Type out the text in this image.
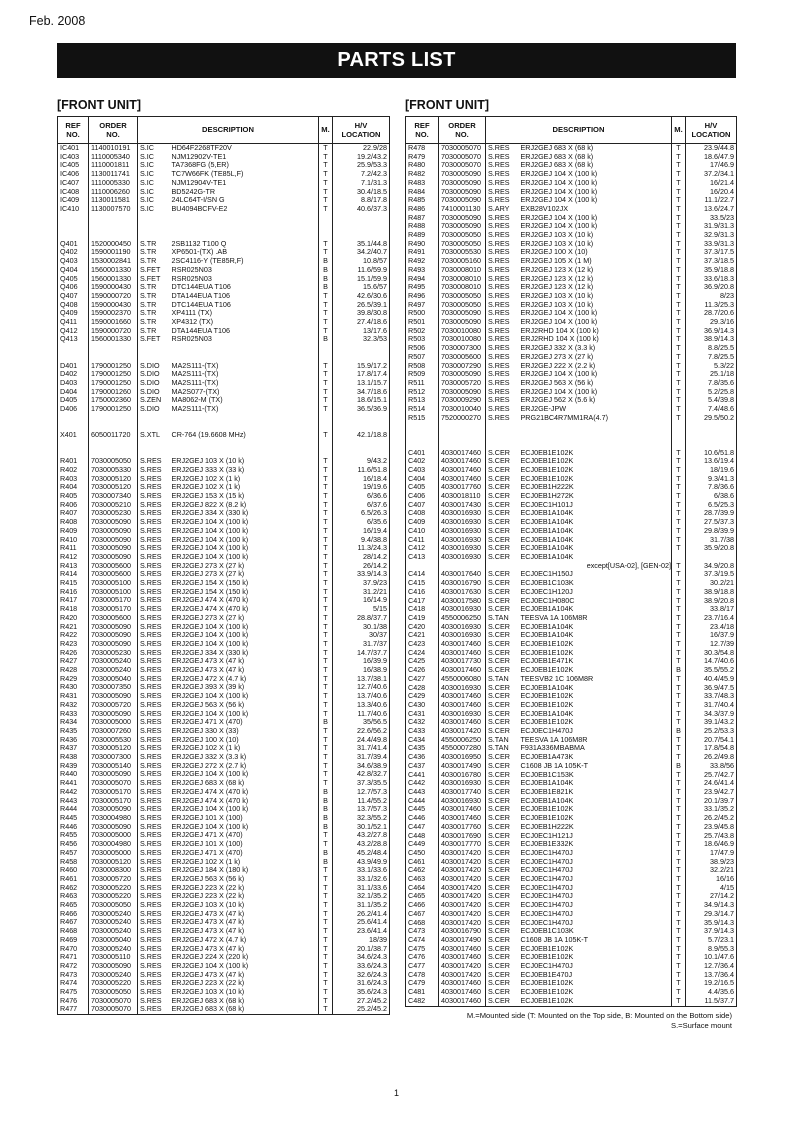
Feb. 2008
PARTS LIST
[FRONT UNIT]	[FRONT UNIT]
REF
NO.	ORDER
NO.	DESCRIPTION		M.	H/V
LOCATION
IC401	1140010191	S.IC	HD64F2268TF20V	T	22.9/28
IC403	1110005340	S.IC	NJM12902V-TE1	T	19.2/43.2
IC405	1110001811	S.IC	TA7368FG (5,ER)	T	25.9/53.3
IC406	1130011741	S.IC	TC7W66FK (TE85L,F)	T	7.2/42.3
IC407	1110005330	S.IC	NJM12904V-TE1	T	7.1/31.3
IC408	1110006260	S.IC	BD5242G-TR	T	30.4/18.5
IC409	1130011581	S.IC	24LC64T-I/SN G	T	8.8/17.8
IC410	1130007570	S.IC	BU4094BCFV-E2	T	40.6/37.3

Q401	1520000450	S.TR	2SB1132 T100 Q	T	35.1/44.8
Q402	1590001190	S.TR	XP6501-(TX) .AB	T	34.2/40.7
Q403	1530002841	S.TR	2SC4116-Y (TE85R,F)	B	10.8/57
Q404	1560001330	S.FET	RSR025N03	B	11.6/59.9
Q405	1560001330	S.FET	RSR025N03	B	15.1/59.9
Q406	1590000430	S.TR	DTC144EUA T106	B	15.6/57
Q407	1590000720	S.TR	DTA144EUA T106	T	42.6/30.6
Q408	1590000430	S.TR	DTC144EUA T106	T	26.5/39.1
Q409	1590002370	S.TR	XP4111 (TX)	T	39.8/30.8
Q411	1590001660	S.TR	XP4312 (TX)	T	27.4/18.6
Q412	1590000720	S.TR	DTA144EUA T106	T	13/17.6
Q413	1560001330	S.FET	RSR025N03	B	32.3/53

D401	1790001250	S.DIO	MA2S111-(TX)	T	15.9/17.2
D402	1790001250	S.DIO	MA2S111-(TX)	T	17.8/17.4
D403	1790001250	S.DIO	MA2S111-(TX)	T	13.1/15.7
D404	1790001260	S.DIO	MA2S077-(TX)	T	34.7/18.6
D405	1750002360	S.ZEN	MA8062-M (TX)	T	18.6/15.1
D406	1790001250	S.DIO	MA2S111-(TX)	T	36.5/36.9

X401	6050011720	S.XTL	CR-764 (19.6608 MHz)	T	42.1/18.8

R401	7030005050	S.RES	ERJ2GEJ 103 X (10 k)	T	9/43.2
R402	7030005330	S.RES	ERJ2GEJ 333 X (33 k)	T	11.6/51.8
R403	7030005120	S.RES	ERJ2GEJ 102 X (1 k)	T	16/18.4
R404	7030005120	S.RES	ERJ2GEJ 102 X (1 k)	T	19/19.6
R405	7030007340	S.RES	ERJ2GEJ 153 X (15 k)	T	6/36.6
R406	7030005210	S.RES	ERJ2GEJ 822 X (8.2 k)	T	6/37.6
R407	7030005230	S.RES	ERJ2GEJ 334 X (330 k)	T	6.5/26.3
R408	7030005090	S.RES	ERJ2GEJ 104 X (100 k)	T	6/35.6
R409	7030005090	S.RES	ERJ2GEJ 104 X (100 k)	T	16/19.4
R410	7030005090	S.RES	ERJ2GEJ 104 X (100 k)	T	9.4/38.8
R411	7030005090	S.RES	ERJ2GEJ 104 X (100 k)	T	11.3/24.3
R412	7030005090	S.RES	ERJ2GEJ 104 X (100 k)	T	28/14.2
R413	7030005600	S.RES	ERJ2GEJ 273 X (27 k)	T	26/14.2
R414	7030005600	S.RES	ERJ2GEJ 273 X (27 k)	T	33.9/14.3
R415	7030005100	S.RES	ERJ2GEJ 154 X (150 k)	T	37.9/23
R416	7030005100	S.RES	ERJ2GEJ 154 X (150 k)	T	31.2/21
R417	7030005170	S.RES	ERJ2GEJ 474 X (470 k)	T	16/14.9
R418	7030005170	S.RES	ERJ2GEJ 474 X (470 k)	T	5/15
R420	7030005600	S.RES	ERJ2GEJ 273 X (27 k)	T	28.8/37.7
R421	7030005090	S.RES	ERJ2GEJ 104 X (100 k)	T	30.1/38
R422	7030005090	S.RES	ERJ2GEJ 104 X (100 k)	T	30/37
R423	7030005090	S.RES	ERJ2GEJ 104 X (100 k)	T	31.7/37
R426	7030005230	S.RES	ERJ2GEJ 334 X (330 k)	T	14.7/37.7
R427	7030005240	S.RES	ERJ2GEJ 473 X (47 k)	T	16/39.9
R428	7030005240	S.RES	ERJ2GEJ 473 X (47 k)	T	16/38.9
R429	7030005040	S.RES	ERJ2GEJ 472 X (4.7 k)	T	13.7/38.1
R430	7030007350	S.RES	ERJ2GEJ 393 X (39 k)	T	12.7/40.6
R431	7030005090	S.RES	ERJ2GEJ 104 X (100 k)	T	13.7/40.6
R432	7030005720	S.RES	ERJ2GEJ 563 X (56 k)	T	13.3/40.6
R433	7030005090	S.RES	ERJ2GEJ 104 X (100 k)	T	11.7/40.6
R434	7030005000	S.RES	ERJ2GEJ 471 X (470)	B	35/56.5
R435	7030007260	S.RES	ERJ2GEJ 330 X (33)	T	22.6/56.2
R436	7030005530	S.RES	ERJ2GEJ 100 X (10)	T	24.4/49.8
R437	7030005120	S.RES	ERJ2GEJ 102 X (1 k)	T	31.7/41.4
R438	7030007300	S.RES	ERJ2GEJ 332 X (3.3 k)	T	31.7/39.4
R439	7030005140	S.RES	ERJ2GEJ 272 X (2.7 k)	T	34.6/38.9
R440	7030005090	S.RES	ERJ2GEJ 104 X (100 k)	T	42.8/32.7
R441	7030005070	S.RES	ERJ2GEJ 683 X (68 k)	T	37.3/35.5
R442	7030005170	S.RES	ERJ2GEJ 474 X (470 k)	B	12.7/57.3
R443	7030005170	S.RES	ERJ2GEJ 474 X (470 k)	B	11.4/55.2
R444	7030005090	S.RES	ERJ2GEJ 104 X (100 k)	B	13.7/57.3
R445	7030004980	S.RES	ERJ2GEJ 101 X (100)	B	32.3/55.2
R446	7030005090	S.RES	ERJ2GEJ 104 X (100 k)	B	30.1/52.1
R455	7030005000	S.RES	ERJ2GEJ 471 X (470)	T	43.2/27.8
R456	7030004980	S.RES	ERJ2GEJ 101 X (100)	T	43.2/28.8
R457	7030005000	S.RES	ERJ2GEJ 471 X (470)	B	45.2/48.4
R458	7030005120	S.RES	ERJ2GEJ 102 X (1 k)	B	43.9/49.9
R460	7030008300	S.RES	ERJ2GEJ 184 X (180 k)	T	33.1/33.6
R461	7030005720	S.RES	ERJ2GEJ 563 X (56 k)	T	33.1/32.6
R462	7030005220	S.RES	ERJ2GEJ 223 X (22 k)	T	31.1/33.6
R463	7030005220	S.RES	ERJ2GEJ 223 X (22 k)	T	32.1/35.2
R465	7030005050	S.RES	ERJ2GEJ 103 X (10 k)	T	31.1/35.2
R466	7030005240	S.RES	ERJ2GEJ 473 X (47 k)	T	26.2/41.4
R467	7030005240	S.RES	ERJ2GEJ 473 X (47 k)	T	25.6/41.4
R468	7030005240	S.RES	ERJ2GEJ 473 X (47 k)	T	23.6/41.4
R469	7030005040	S.RES	ERJ2GEJ 472 X (4.7 k)	T	18/39
R470	7030005240	S.RES	ERJ2GEJ 473 X (47 k)	T	20.1/38.7
R471	7030005110	S.RES	ERJ2GEJ 224 X (220 k)	T	34.6/24.3
R472	7030005090	S.RES	ERJ2GEJ 104 X (100 k)	T	33.6/24.3
R473	7030005240	S.RES	ERJ2GEJ 473 X (47 k)	T	32.6/24.3
R474	7030005220	S.RES	ERJ2GEJ 223 X (22 k)	T	31.6/24.3
R475	7030005050	S.RES	ERJ2GEJ 103 X (10 k)	T	35.6/24.3
R476	7030005070	S.RES	ERJ2GEJ 683 X (68 k)	T	27.2/45.2
R477	7030005070	S.RES	ERJ2GEJ 683 X (68 k)	T	25.2/45.2
REF
NO.	ORDER
NO.	DESCRIPTION		M.	H/V
LOCATION
R478	7030005070	S.RES	ERJ2GEJ 683 X (68 k)	T	23.9/44.8
R479	7030005070	S.RES	ERJ2GEJ 683 X (68 k)	T	18.6/47.9
R480	7030005070	S.RES	ERJ2GEJ 683 X (68 k)	T	17/46.9
R482	7030005090	S.RES	ERJ2GEJ 104 X (100 k)	T	37.2/34.1
R483	7030005090	S.RES	ERJ2GEJ 104 X (100 k)	T	16/21.4
R484	7030005090	S.RES	ERJ2GEJ 104 X (100 k)	T	16/20.4
R485	7030005090	S.RES	ERJ2GEJ 104 X (100 k)	T	11.1/22.7
R486	7410001130	S.ARY	EXB28V102JX	T	13.6/24.7
R487	7030005090	S.RES	ERJ2GEJ 104 X (100 k)	T	33.5/23
R488	7030005090	S.RES	ERJ2GEJ 104 X (100 k)	T	31.9/31.3
R489	7030005050	S.RES	ERJ2GEJ 103 X (10 k)	T	32.9/31.3
R490	7030005050	S.RES	ERJ2GEJ 103 X (10 k)	T	33.9/31.3
R491	7030005530	S.RES	ERJ2GEJ 100 X (10)	T	37.3/17.5
R492	7030005160	S.RES	ERJ2GEJ 105 X (1 M)	T	37.3/18.5
R493	7030008010	S.RES	ERJ2GEJ 123 X (12 k)	T	35.9/18.8
R494	7030008010	S.RES	ERJ2GEJ 123 X (12 k)	T	33.6/18.3
R495	7030008010	S.RES	ERJ2GEJ 123 X (12 k)	T	36.9/20.8
R496	7030005050	S.RES	ERJ2GEJ 103 X (10 k)	T	8/23
R497	7030005050	S.RES	ERJ2GEJ 103 X (10 k)	T	11.3/25.3
R500	7030005090	S.RES	ERJ2GEJ 104 X (100 k)	T	28.7/20.6
R501	7030005090	S.RES	ERJ2GEJ 104 X (100 k)	T	29.3/16
R502	7030010080	S.RES	ERJ2RHD 104 X (100 k)	T	36.9/14.3
R503	7030010080	S.RES	ERJ2RHD 104 X (100 k)	T	38.9/14.3
R506	7030007300	S.RES	ERJ2GEJ 332 X (3.3 k)	T	8.8/25.5
R507	7030005600	S.RES	ERJ2GEJ 273 X (27 k)	T	7.8/25.5
R508	7030007290	S.RES	ERJ2GEJ 222 X (2.2 k)	T	5.3/22
R509	7030005090	S.RES	ERJ2GEJ 104 X (100 k)	T	25.1/18
R511	7030005720	S.RES	ERJ2GEJ 563 X (56 k)	T	7.8/35.6
R512	7030005090	S.RES	ERJ2GEJ 104 X (100 k)	T	5.2/25.8
R513	7030009290	S.RES	ERJ2GEJ 562 X (5.6 k)	T	5.4/39.8
R514	7030010040	S.RES	ERJ2GE-JPW	T	7.4/48.6
R515	7520000270	S.RES	PRG21BC4R7MM1RA(4.7)	T	29.5/50.2

C401	4030017460	S.CER	ECJ0EB1E102K	T	10.6/51.8
C402	4030017460	S.CER	ECJ0EB1E102K	T	13.6/19.4
C403	4030017460	S.CER	ECJ0EB1E102K	T	18/19.6
C404	4030017460	S.CER	ECJ0EB1E102K	T	9.3/41.3
C405	4030017760	S.CER	ECJ0EB1H222K	T	7.8/36.6
C406	4030018110	S.CER	ECJ0EB1H272K	T	6/38.6
C407	4030017430	S.CER	ECJ0EC1H101J	T	6.5/25.3
C408	4030016930	S.CER	ECJ0EB1A104K	T	28.7/39.9
C409	4030016930	S.CER	ECJ0EB1A104K	T	27.5/37.3
C410	4030016930	S.CER	ECJ0EB1A104K	T	29.8/39.9
C411	4030016930	S.CER	ECJ0EB1A104K	T	31.7/38
C412	4030016930	S.CER	ECJ0EB1A104K	T	35.9/20.8
C413	4030016930	S.CER	ECJ0EB1A104K		
			except[USA-02], [GEN-02]	T	34.9/20.8
C414	4030017640	S.CER	ECJ0EC1H150J	T	37.3/19.5
C415	4030016790	S.CER	ECJ0EB1C103K	T	30.2/21
C416	4030017630	S.CER	ECJ0EC1H120J	T	38.9/18.8
C417	4030017580	S.CER	ECJ0EC1H080C	T	38.9/20.8
C418	4030016930	S.CER	ECJ0EB1A104K	T	33.8/17
C419	4550006250	S.TAN	TEESVA 1A 106M8R	T	23.7/16.4
C420	4030016930	S.CER	ECJ0EB1A104K	T	23.4/18
C421	4030016930	S.CER	ECJ0EB1A104K	T	16/37.9
C423	4030017460	S.CER	ECJ0EB1E102K	T	12.7/39
C424	4030017460	S.CER	ECJ0EB1E102K	T	30.3/54.8
C425	4030017730	S.CER	ECJ0EB1E471K	T	14.7/40.6
C426	4030017460	S.CER	ECJ0EB1E102K	B	35.5/55.2
C427	4550006080	S.TAN	TEESVB2 1C 106M8R	T	40.4/45.9
C428	4030016930	S.CER	ECJ0EB1A104K	T	36.9/47.5
C429	4030017460	S.CER	ECJ0EB1E102K	T	33.7/48.3
C430	4030017460	S.CER	ECJ0EB1E102K	T	31.7/40.4
C431	4030016930	S.CER	ECJ0EB1A104K	T	34.3/37.9
C432	4030017460	S.CER	ECJ0EB1E102K	T	39.1/43.2
C433	4030017420	S.CER	ECJ0EC1H470J	B	25.2/53.3
C434	4550006250	S.TAN	TEESVA 1A 106M8R	T	20.7/54.1
C435	4550007280	S.TAN	F931A336MBABMA	T	17.8/54.8
C436	4030016950	S.CER	ECJ0EB1A473K	T	26.2/49.8
C437	4030017490	S.CER	C1608 JB 1A 105K-T	B	33.8/56
C441	4030016780	S.CER	ECJ0EB1C153K	T	25.7/42.7
C442	4030016930	S.CER	ECJ0EB1A104K	T	24.6/41.4
C443	4030017740	S.CER	ECJ0EB1E821K	T	23.9/42.7
C444	4030016930	S.CER	ECJ0EB1A104K	T	20.1/39.7
C445	4030017460	S.CER	ECJ0EB1E102K	T	33.1/35.2
C446	4030017460	S.CER	ECJ0EB1E102K	T	26.2/45.2
C447	4030017760	S.CER	ECJ0EB1H222K	T	23.9/45.8
C448	4030017690	S.CER	ECJ0EC1H121J	T	25.7/43.8
C449	4030017770	S.CER	ECJ0EB1E332K	T	18.6/46.9
C450	4030017420	S.CER	ECJ0EC1H470J	T	17/47.9
C461	4030017420	S.CER	ECJ0EC1H470J	T	38.9/23
C462	4030017420	S.CER	ECJ0EC1H470J	T	32.2/21
C463	4030017420	S.CER	ECJ0EC1H470J	T	16/16
C464	4030017420	S.CER	ECJ0EC1H470J	T	4/15
C465	4030017420	S.CER	ECJ0EC1H470J	T	27/14.2
C466	4030017420	S.CER	ECJ0EC1H470J	T	34.9/14.3
C467	4030017420	S.CER	ECJ0EC1H470J	T	29.3/14.7
C468	4030017420	S.CER	ECJ0EC1H470J	T	35.9/14.3
C473	4030016790	S.CER	ECJ0EB1C103K	T	37.9/14.3
C474	4030017490	S.CER	C1608 JB 1A 105K-T	T	5.7/23.1
C475	4030017460	S.CER	ECJ0EB1E102K	T	8.9/55.3
C476	4030017460	S.CER	ECJ0EB1E102K	T	10.1/47.6
C477	4030017420	S.CER	ECJ0EC1H470J	T	12.7/36.4
C478	4030017420	S.CER	ECJ0EB1E470J	T	13.7/36.4
C479	4030017460	S.CER	ECJ0EB1E102K	T	19.2/16.5
C481	4030017460	S.CER	ECJ0EB1E102K	T	4.4/35.6
C482	4030017460	S.CER	ECJ0EB1E102K	T	11.5/37.7
M.=Mounted side (T: Mounted on the Top side, B: Mounted on the Bottom side)
S.=Surface mount
1
